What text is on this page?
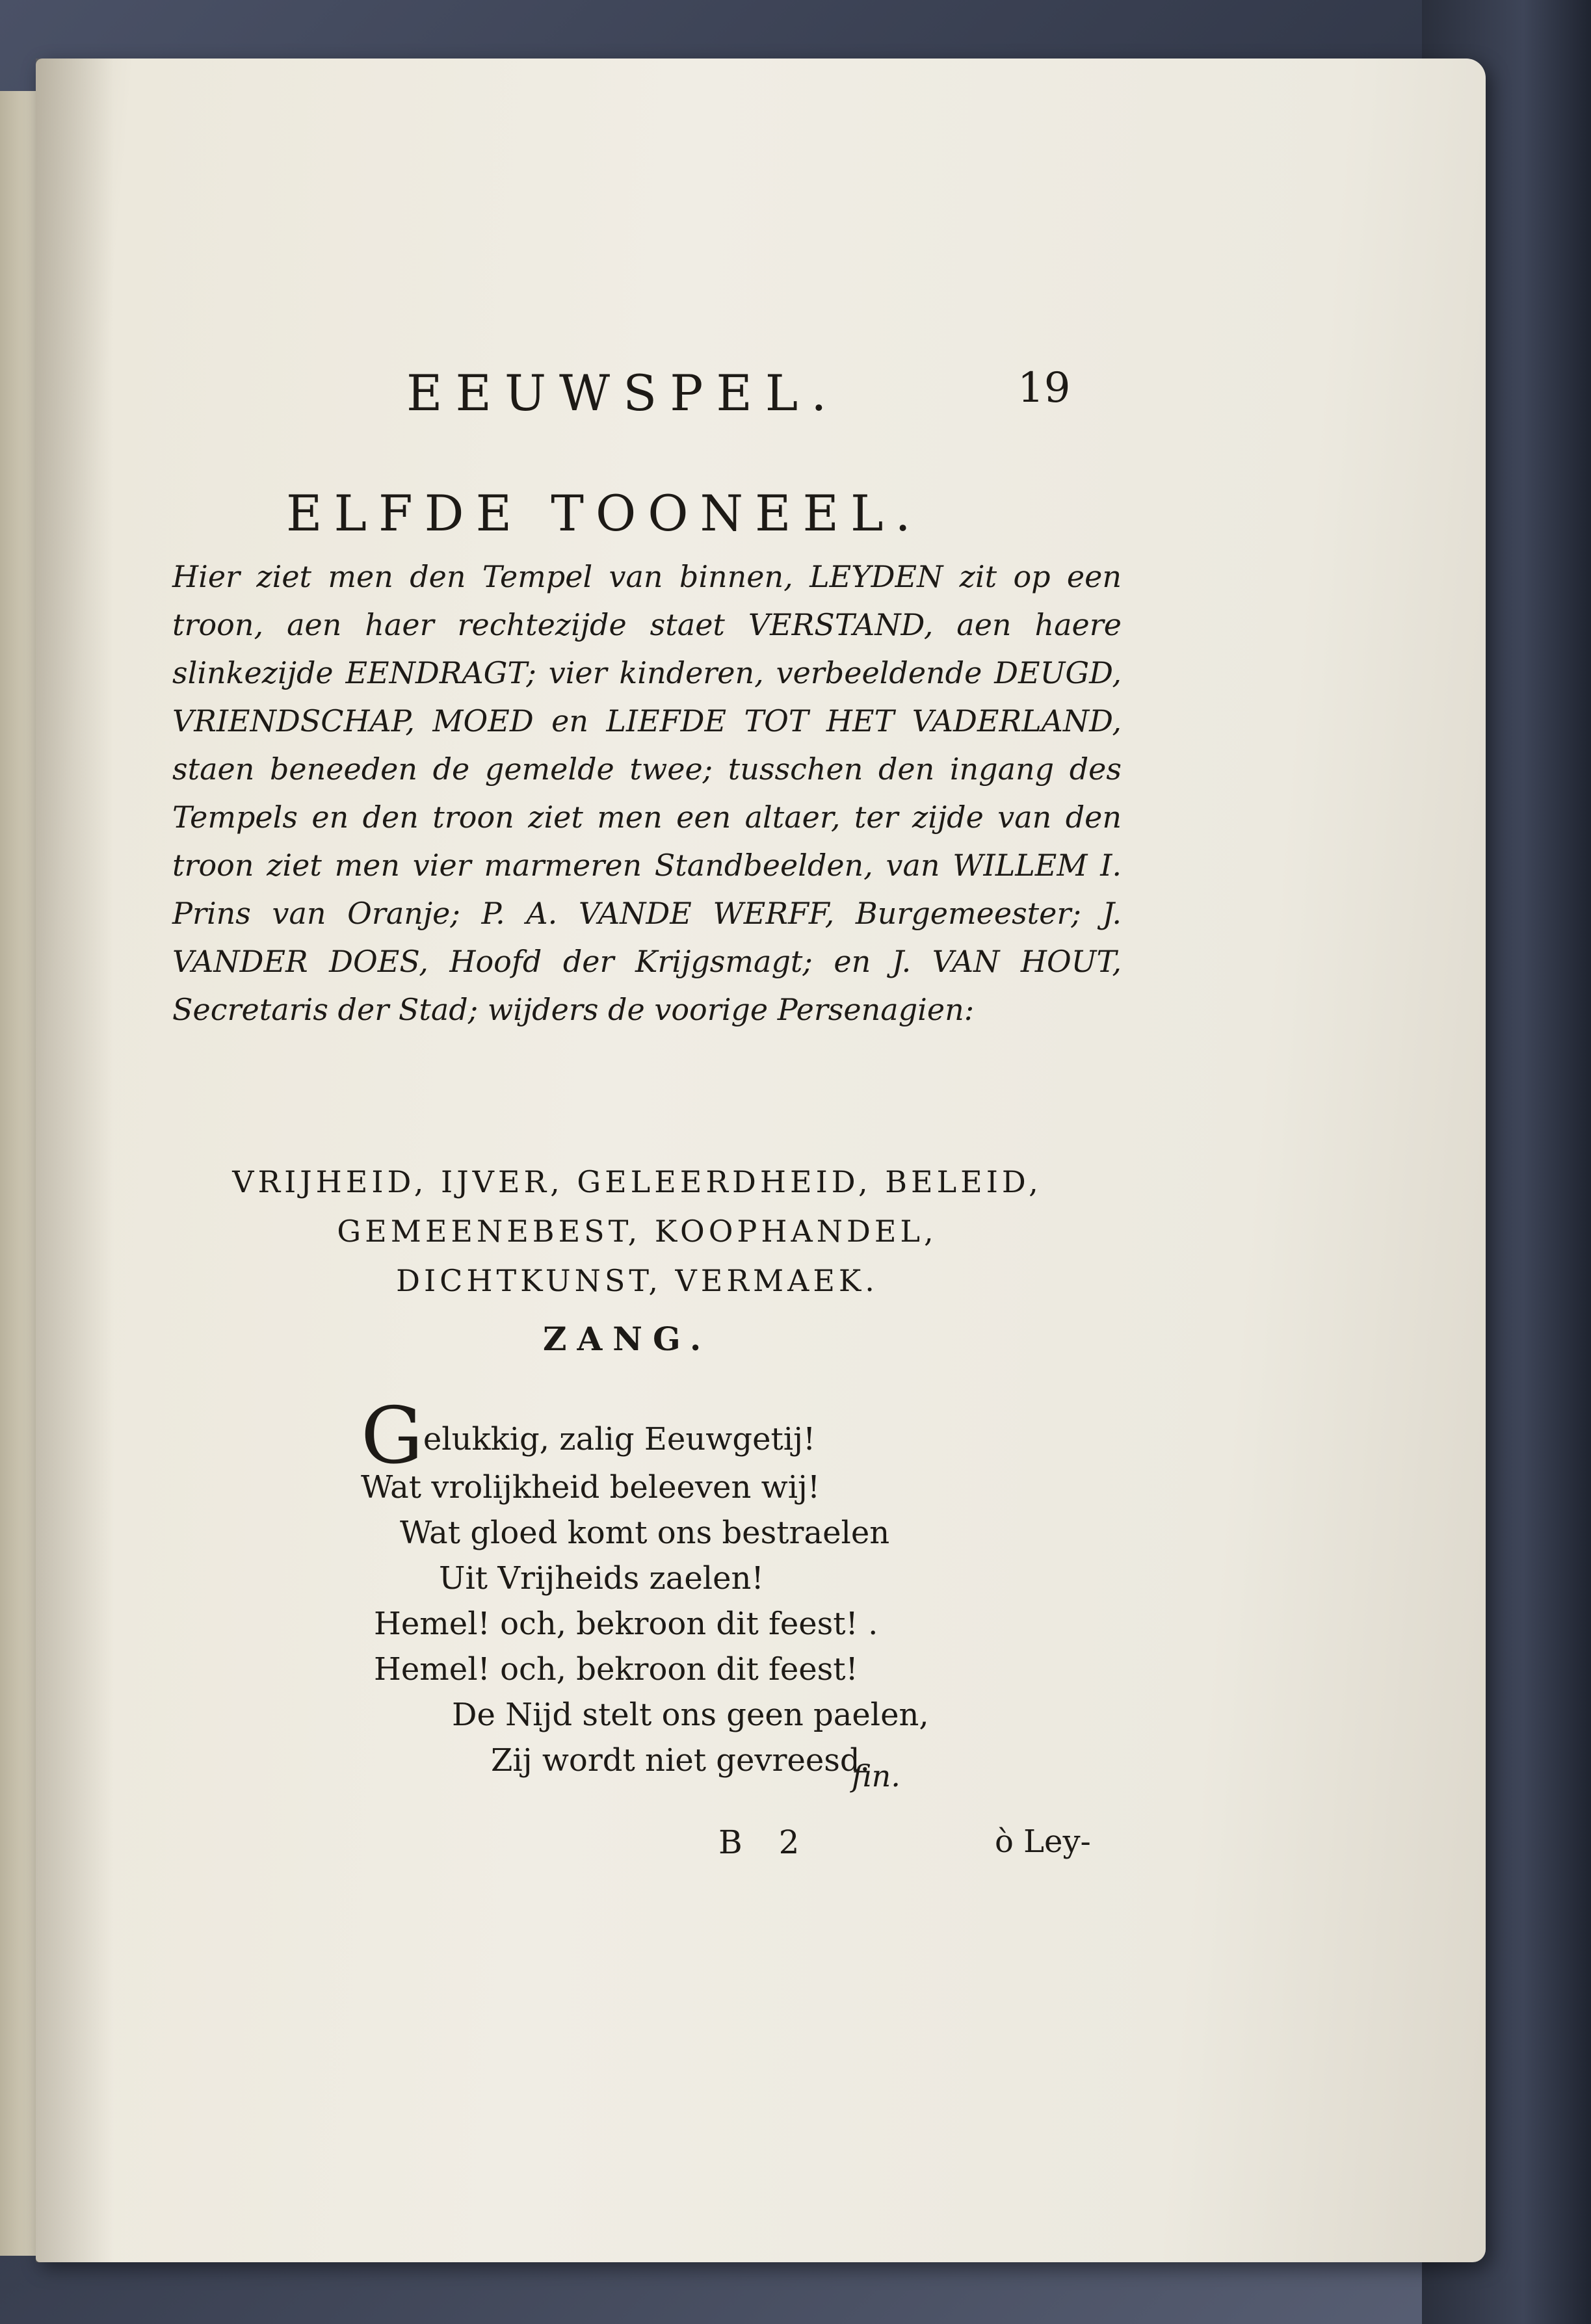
EEUWSPEL.	19
ELFDE TOONEEL.
Hier ziet men den Tempel van binnen, LEYDEN zit op een troon, aen haer rechtezijde staet VERSTAND, aen haere slinkezijde EENDRAGT; vier kinderen, verbeeldende DEUGD, VRIENDSCHAP, MOED en LIEFDE TOT HET VADERLAND, staen beneeden de gemelde twee; tusschen den ingang des Tempels en den troon ziet men een altaer, ter zijde van den troon ziet men vier marmeren Standbeelden, van WILLEM I. Prins van Oranje; P. A. VANDE WERFF, Burgemeester; J. VANDER DOES, Hoofd der Krijgsmagt; en J. VAN HOUT, Secretaris der Stad; wijders de voorige Persenagien:
VRIJHEID, IJVER, GELEERDHEID, BELEID, GEMEENEBEST, KOOPHANDEL, DICHTKUNST, VERMAEK.
ZANG.
Gelukkig, zalig Eeuwgetij!
Wat vrolijkheid beleeven wij!
Wat gloed komt ons bestraelen
Uit Vrijheids zaelen!
Hemel! och, bekroon dit feest! .
Hemel! och, bekroon dit feest!
De Nijd stelt ons geen paelen,
Zij wordt niet gevreesd.
fin.
B 2	ò Ley-
